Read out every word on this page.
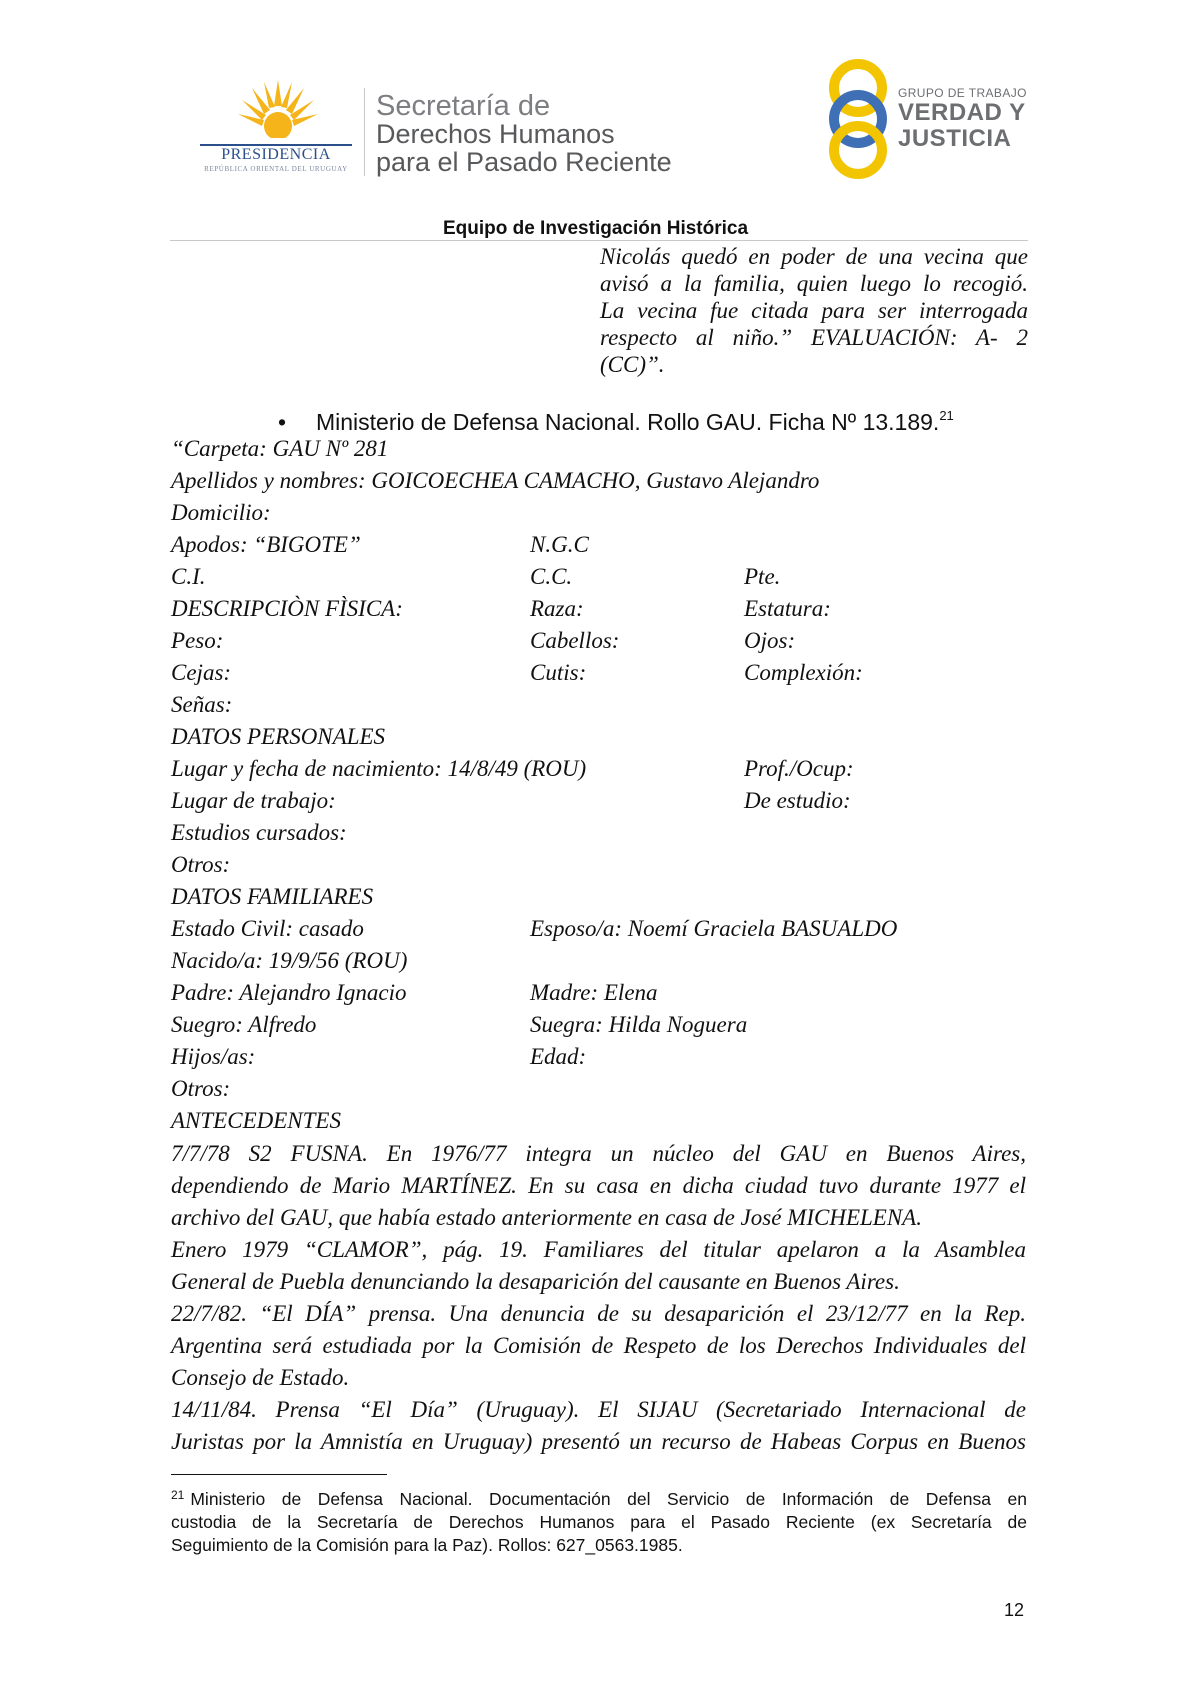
PRESIDENCIA
REPÚBLICA ORIENTAL DEL URUGUAY
Secretaría de
Derechos Humanos
para el Pasado Reciente
GRUPO DE TRABAJO
VERDAD Y
JUSTICIA
Equipo de Investigación Histórica
Nicolás quedó en poder de una vecina que
avisó a la familia, quien luego lo recogió.
La vecina fue citada para ser interrogada
respecto al niño.” EVALUACIÓN: A- 2
(CC)”.
• Ministerio de Defensa Nacional. Rollo GAU. Ficha Nº 13.189.21
“Carpeta: GAU Nº 281
Apellidos y nombres: GOICOECHEA CAMACHO, Gustavo Alejandro
Domicilio:
Apodos: “BIGOTE”	N.G.C
C.I.	C.C.	Pte.
DESCRIPCIÒN FÌSICA:	Raza:	Estatura:
Peso:	Cabellos:	Ojos:
Cejas:	Cutis:	Complexión:
Señas:
DATOS PERSONALES
Lugar y fecha de nacimiento: 14/8/49 (ROU)	Prof./Ocup:
Lugar de trabajo:	De estudio:
Estudios cursados:
Otros:
DATOS FAMILIARES
Estado Civil: casado	Esposo/a: Noemí Graciela BASUALDO
Nacido/a: 19/9/56 (ROU)
Padre: Alejandro Ignacio	Madre: Elena
Suegro: Alfredo	Suegra: Hilda Noguera
Hijos/as:	Edad:
Otros:
ANTECEDENTES
7/7/78 S2 FUSNA. En 1976/77 integra un núcleo del GAU en Buenos Aires,
dependiendo de Mario MARTÍNEZ. En su casa en dicha ciudad tuvo durante 1977 el
archivo del GAU, que había estado anteriormente en casa de José MICHELENA.
Enero 1979 “CLAMOR”, pág. 19. Familiares del titular apelaron a la Asamblea
General de Puebla denunciando la desaparición del causante en Buenos Aires.
22/7/82. “El DÍA” prensa. Una denuncia de su desaparición el 23/12/77 en la Rep.
Argentina será estudiada por la Comisión de Respeto de los Derechos Individuales del
Consejo de Estado.
14/11/84. Prensa “El Día” (Uruguay). El SIJAU (Secretariado Internacional de
Juristas por la Amnistía en Uruguay) presentó un recurso de Habeas Corpus en Buenos
$^{21}$ Ministerio de Defensa Nacional. Documentación del Servicio de Información de Defensa en
custodia de la Secretaría de Derechos Humanos para el Pasado Reciente (ex Secretaría de
Seguimiento de la Comisión para la Paz). Rollos: 627_0563.1985.
12
